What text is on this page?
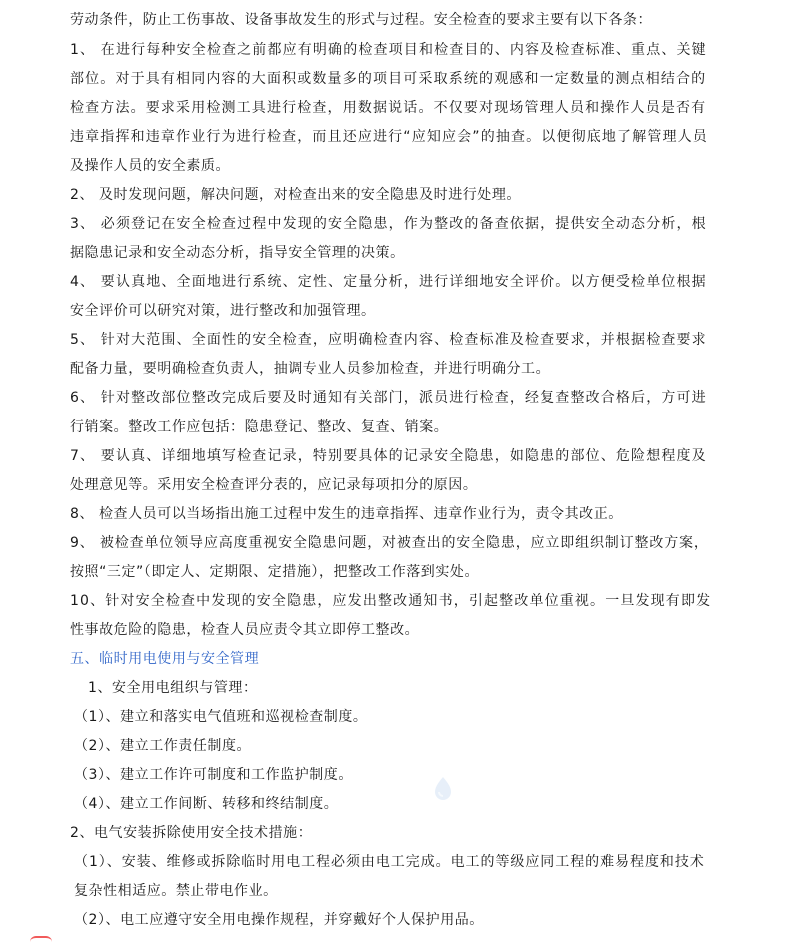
劳动条件，防止工伤事故、设备事故发生的形式与过程。安全检查的要求主要有以下各条：
1、 在进行每种安全检查之前都应有明确的检查项目和检查目的、内容及检查标准、重点、关键
部位。对于具有相同内容的大面积或数量多的项目可采取系统的观感和一定数量的测点相结合的
检查方法。要求采用检测工具进行检查，用数据说话。不仅要对现场管理人员和操作人员是否有
违章指挥和违章作业行为进行检查，而且还应进行“应知应会”的抽查。以便彻底地了解管理人员
及操作人员的安全素质。
2、 及时发现问题，解决问题，对检查出来的安全隐患及时进行处理。
3、 必须登记在安全检查过程中发现的安全隐患，作为整改的备查依据，提供安全动态分析，根
据隐患记录和安全动态分析，指导安全管理的决策。
4、 要认真地、全面地进行系统、定性、定量分析，进行详细地安全评价。以方便受检单位根据
安全评价可以研究对策，进行整改和加强管理。
5、 针对大范围、全面性的安全检查，应明确检查内容、检查标准及检查要求，并根据检查要求
配备力量，要明确检查负责人，抽调专业人员参加检查，并进行明确分工。
6、 针对整改部位整改完成后要及时通知有关部门，派员进行检查，经复查整改合格后，方可进
行销案。整改工作应包括：隐患登记、整改、复查、销案。
7、 要认真、详细地填写检查记录，特别要具体的记录安全隐患，如隐患的部位、危险想程度及
处理意见等。采用安全检查评分表的，应记录每项扣分的原因。
8、 检查人员可以当场指出施工过程中发生的违章指挥、违章作业行为，责令其改正。
9、 被检查单位领导应高度重视安全隐患问题，对被查出的安全隐患，应立即组织制订整改方案，
按照“三定”（即定人、定期限、定措施），把整改工作落到实处。
10、针对安全检查中发现的安全隐患，应发出整改通知书，引起整改单位重视。一旦发现有即发
性事故危险的隐患，检查人员应责令其立即停工整改。
五、临时用电使用与安全管理
1、安全用电组织与管理：
（1）、建立和落实电气值班和巡视检查制度。
（2）、建立工作责任制度。
（3）、建立工作许可制度和工作监护制度。
（4）、建立工作间断、转移和终结制度。
2、电气安装拆除使用安全技术措施：
（1）、安装、维修或拆除临时用电工程必须由电工完成。电工的等级应同工程的难易程度和技术
复杂性相适应。禁止带电作业。
（2）、电工应遵守安全用电操作规程，并穿戴好个人保护用品。
